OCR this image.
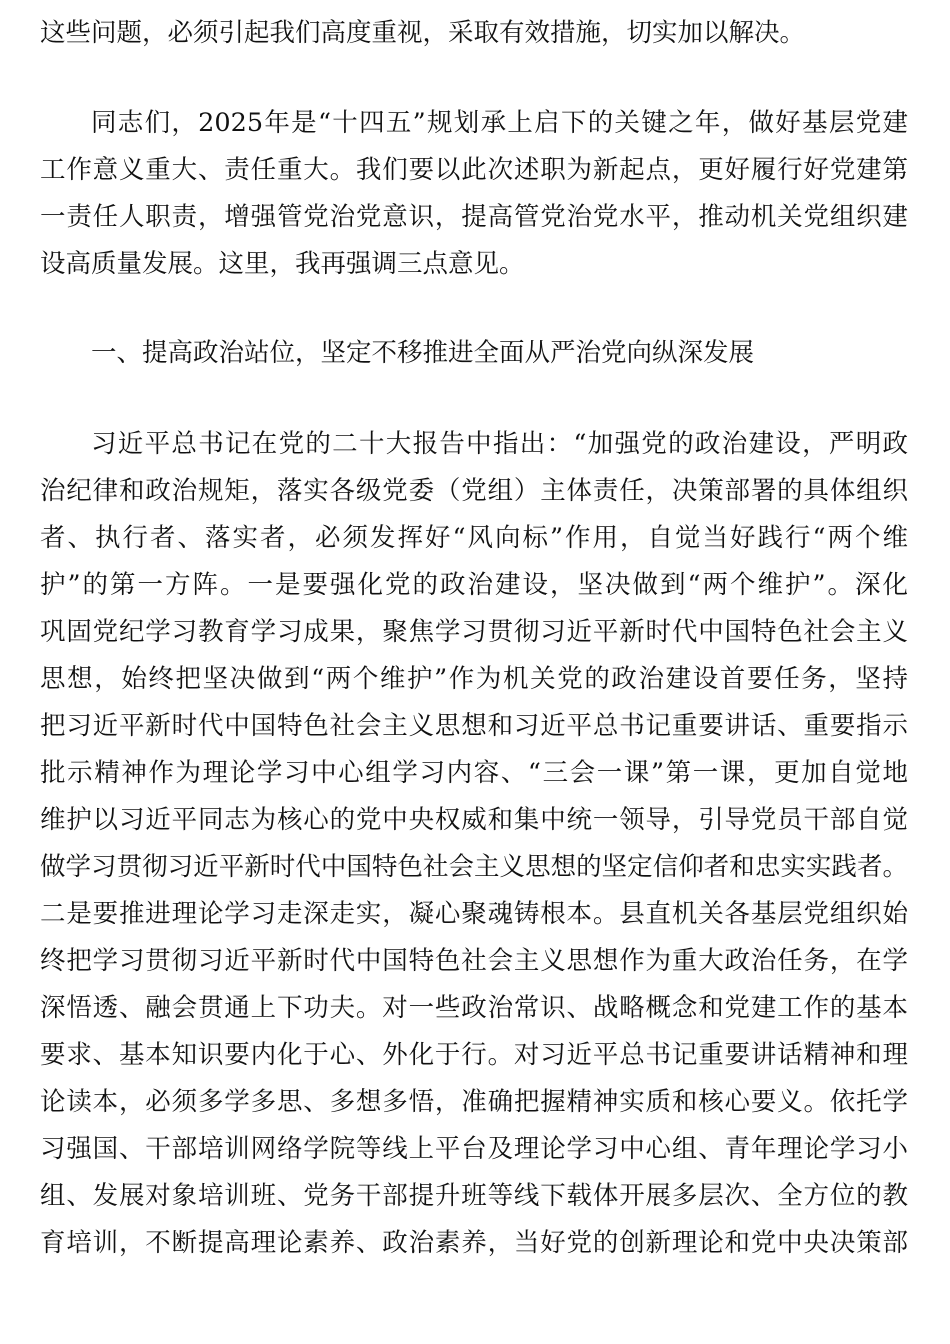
这些问题，必须引起我们高度重视，采取有效措施，切实加以解决。
同志们，2025年是“十四五”规划承上启下的关键之年，做好基层党建
工作意义重大、责任重大。我们要以此次述职为新起点，更好履行好党建第
一责任人职责，增强管党治党意识，提高管党治党水平，推动机关党组织建
设高质量发展。这里，我再强调三点意见。
一、提高政治站位，坚定不移推进全面从严治党向纵深发展
习近平总书记在党的二十大报告中指出：“加强党的政治建设，严明政
治纪律和政治规矩，落实各级党委（党组）主体责任，决策部署的具体组织
者、执行者、落实者，必须发挥好“风向标”作用，自觉当好践行“两个维
护”的第一方阵。一是要强化党的政治建设，坚决做到“两个维护”。深化
巩固党纪学习教育学习成果，聚焦学习贯彻习近平新时代中国特色社会主义
思想，始终把坚决做到“两个维护”作为机关党的政治建设首要任务，坚持
把习近平新时代中国特色社会主义思想和习近平总书记重要讲话、重要指示
批示精神作为理论学习中心组学习内容、“三会一课”第一课，更加自觉地
维护以习近平同志为核心的党中央权威和集中统一领导，引导党员干部自觉
做学习贯彻习近平新时代中国特色社会主义思想的坚定信仰者和忠实实践者。
二是要推进理论学习走深走实，凝心聚魂铸根本。县直机关各基层党组织始
终把学习贯彻习近平新时代中国特色社会主义思想作为重大政治任务，在学
深悟透、融会贯通上下功夫。对一些政治常识、战略概念和党建工作的基本
要求、基本知识要内化于心、外化于行。对习近平总书记重要讲话精神和理
论读本，必须多学多思、多想多悟，准确把握精神实质和核心要义。依托学
习强国、干部培训网络学院等线上平台及理论学习中心组、青年理论学习小
组、发展对象培训班、党务干部提升班等线下载体开展多层次、全方位的教
育培训，不断提高理论素养、政治素养，当好党的创新理论和党中央决策部
